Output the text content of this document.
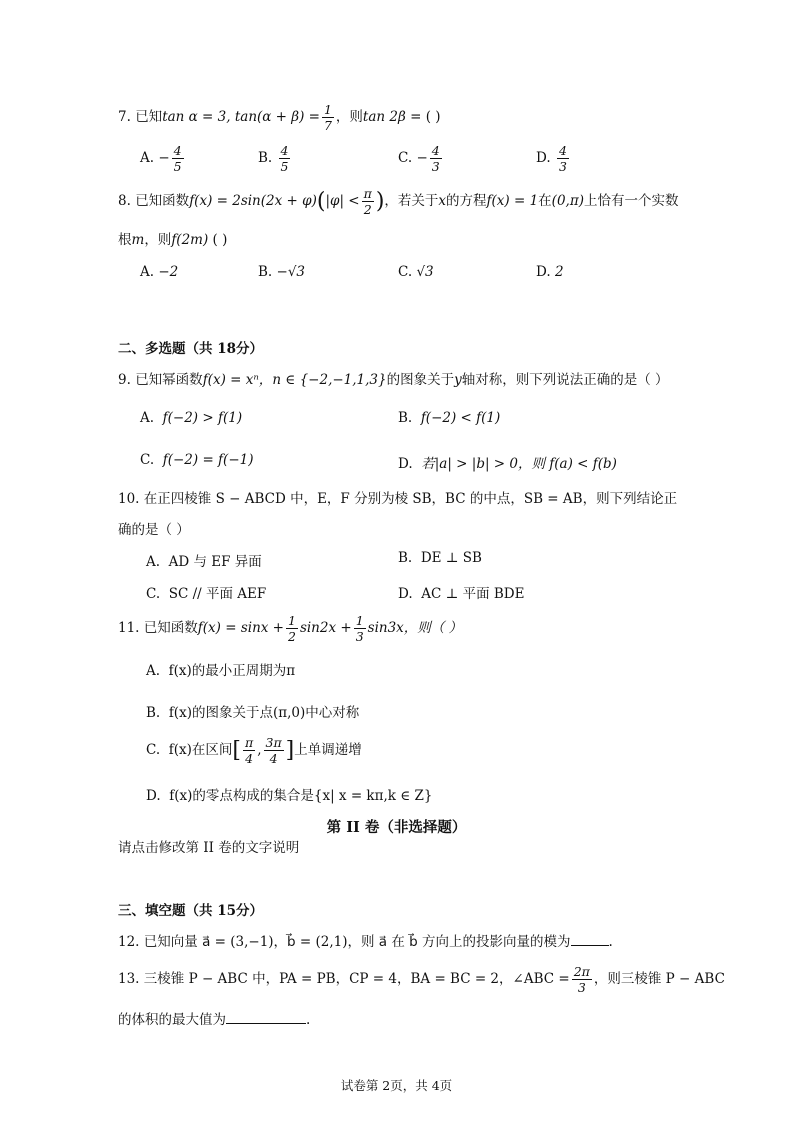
7. 已知tan α = 3, $\tan(\alpha + \beta) = \frac{1}{7}$ ，则tan 2β = ( )
A. − $\frac{4}{5}$	B. $\frac{4}{5}$	C. − $\frac{4}{3}$	D. $\frac{4}{3}$
8. 已知函数$f(x) = 2\sin(2x + \varphi)(|\varphi| < \frac{\pi}{2}$ )，若关于x的方程f(x) = 1在(0,π)上恰有一个实数
根m，则f(2m) ( )
A. −2	B. −√3	C. √3	D. 2
二、多选题（共 18分）
9. 已知幂函数f(x) = xⁿ，n ∈ {−2,−1,1,3}的图象关于y轴对称，则下列说法正确的是（ ）
A. f(−2) > f(1)	B. f(−2) < f(1)
C. f(−2) = f(−1)	D. 若|a| > |b| > 0，则 f(a) < f(b)
10. 在正四棱锥 S − ABCD 中，E，F 分别为棱 SB，BC 的中点，SB = AB，则下列结论正
确的是（ ）
A. AD 与 EF 异面	B. DE ⊥ SB
C. SC // 平面 AEF	D. AC ⊥ 平面 BDE
11. 已知函数$f(x) = \sin x + \frac{1}{2} \sin 2x + \frac{1}{3} \sin 3x$，则（ ）
A. f(x)的最小正周期为π
B. f(x)的图象关于点(π,0)中心对称
C. f(x)在区间[ $\frac{\pi}{4}$ , $\frac{3\pi}{4}$ ]上单调递增
D. f(x)的零点构成的集合是{x| x = kπ,k ∈ Z}
第 II 卷（非选择题）
请点击修改第 II 卷的文字说明
三、填空题（共 15分）
12. 已知向量 a⃗ = (3,−1)，b⃗ = (2,1)，则 a⃗ 在 b⃗ 方向上的投影向量的模为	.
13. 三棱锥 P − ABC 中，PA = PB，CP = 4，BA = BC = 2，∠ABC = $\frac{2\pi}{3}$ ，则三棱锥 P − ABC
的体积的最大值为	.
试卷第 2页，共 4页
